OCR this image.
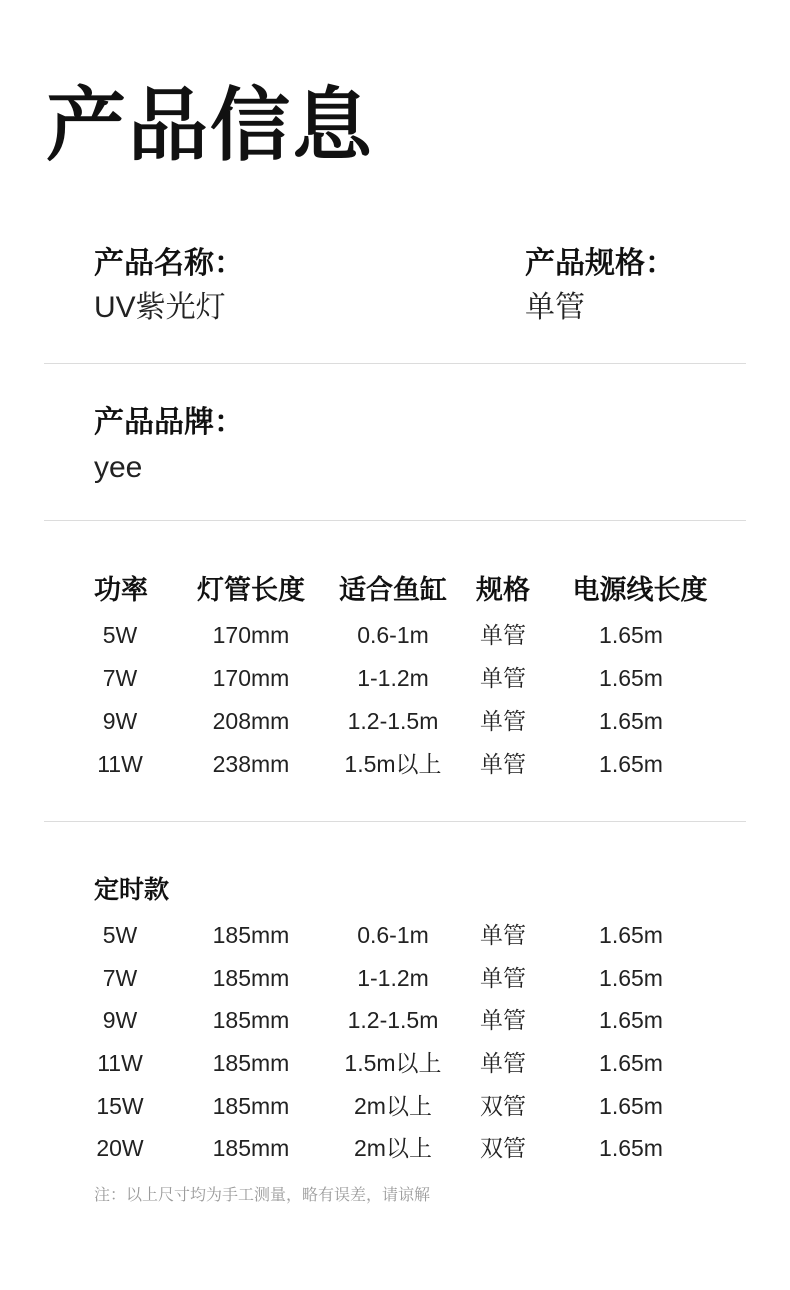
产品信息
产品名称：
UV紫光灯
产品规格：
单管
产品品牌：
yee
功率	灯管长度	适合鱼缸	规格	电源线长度
5W	170mm	0.6-1m	单管	1.65m
7W	170mm	1-1.2m	单管	1.65m
9W	208mm	1.2-1.5m	单管	1.65m
11W	238mm	1.5m以上	单管	1.65m
定时款
5W	185mm	0.6-1m	单管	1.65m
7W	185mm	1-1.2m	单管	1.65m
9W	185mm	1.2-1.5m	单管	1.65m
11W	185mm	1.5m以上	单管	1.65m
15W	185mm	2m以上	双管	1.65m
20W	185mm	2m以上	双管	1.65m
注：以上尺寸均为手工测量，略有误差，请谅解
